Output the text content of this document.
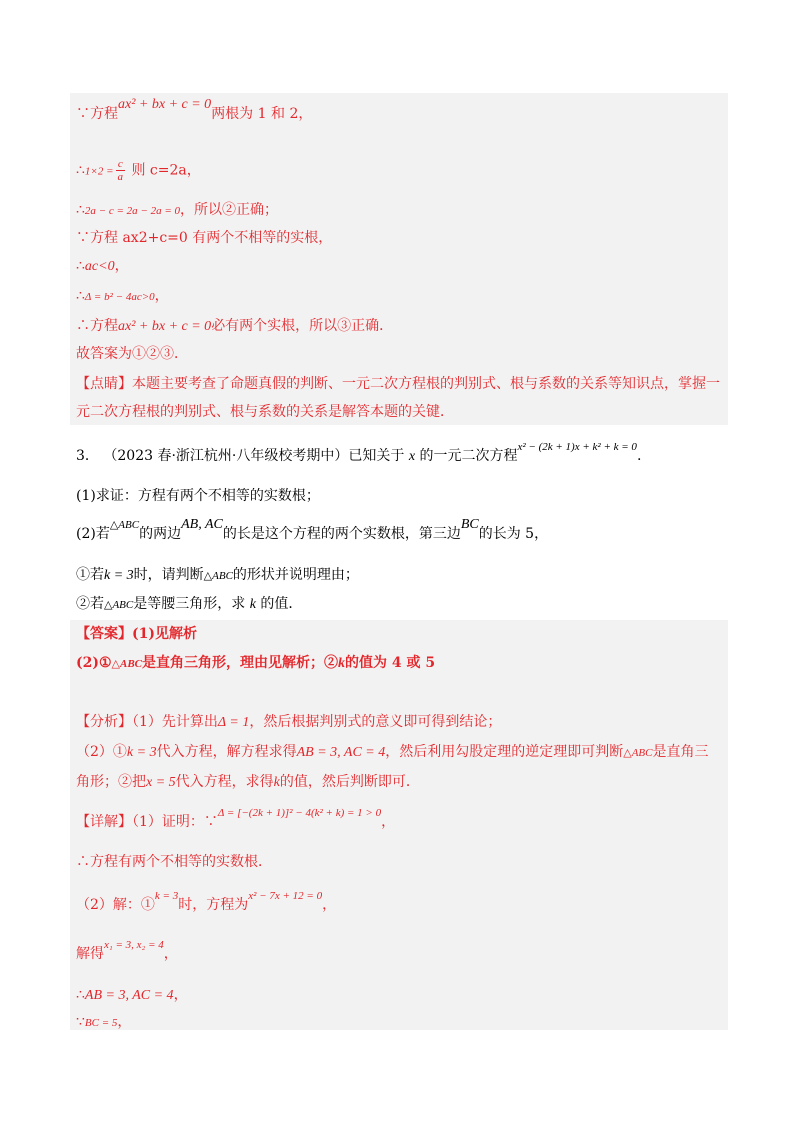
∵方程ax² + bx + c = 0两根为 1 和 2，
∴1×2 = $\frac{c}{a}$ 则 c=2a，
∴2a − c = 2a − 2a = 0，所以②正确；
∵方程 ax2+c=0 有两个不相等的实根，
∴ac<0，
∴Δ = b² − 4ac>0，
∴方程ax² + bx + c = 0必有两个实根，所以③正确．
故答案为①②③．
【点睛】本题主要考查了命题真假的判断、一元二次方程根的判别式、根与系数的关系等知识点，掌握一
元二次方程根的判别式、根与系数的关系是解答本题的关键．
3． （2023 春·浙江杭州·八年级校考期中）已知关于 x 的一元二次方程$^{x^2 - (2k + 1)x + k^2 + k = 0}$.
(1)求证：方程有两个不相等的实数根；
(2)若$^{\triangle ABC}$的两边AB, AC的长是这个方程的两个实数根，第三边BC的长为 5，
①若k = 3时，请判断△ABC的形状并说明理由；
②若△ABC是等腰三角形，求 k 的值．
【答案】(1)见解析
(2)①△ABC是直角三角形，理由见解析；②k的值为 4 或 5
【分析】（1）先计算出Δ = 1，然后根据判别式的意义即可得到结论；
（2）①k = 3代入方程，解方程求得AB = 3, AC = 4，然后利用勾股定理的逆定理即可判断△ABC是直角三
角形；②把x = 5代入方程，求得k的值，然后判断即可．
【详解】（1）证明：∵$^{\Delta = [-(2k + 1)]^2 - 4(k^2 + k) = 1 > 0}$，
∴方程有两个不相等的实数根．
（2）解：①$^{k = 3}$时，方程为$^{x^2 - 7x + 12 = 0}$，
解得$^{x_1 = 3, x_2 = 4}$，
∴AB = 3, AC = 4，
∵BC = 5，
